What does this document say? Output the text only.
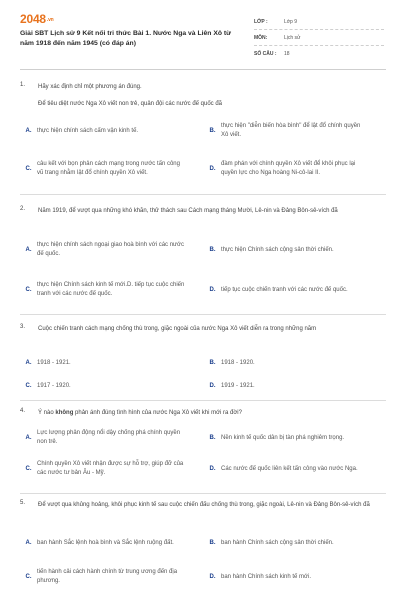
2048.vn
Giải SBT Lịch sử 9 Kết nối tri thức Bài 1. Nước Nga và Liên Xô từ năm 1918 đến năm 1945 (có đáp án)
LỚP :	Lớp 9
MÔN:	Lịch sử
SỐ CÂU :	18
1. Hãy xác định chỉ một phương án đúng.
Để tiêu diệt nước Nga Xô viết non trẻ, quân đội các nước đế quốc đã
A. thực hiện chính sách cấm vận kinh tế.	B.
thực hiện "diễn biến hòa bình" để lật đổ chính quyền Xô viết.
C.
câu kết với bọn phản cách mạng trong nước tấn công vũ trang nhằm lật đổ chính quyền Xô viết.
D.
đàm phán với chính quyền Xô viết để khôi phục lại quyền lực cho Nga hoàng Ni-cô-lai II.
2. Năm 1919, để vượt qua những khó khăn, thử thách sau Cách mạng tháng Mười, Lê-nin và Đảng Bôn-sê-vích đã
A.
thực hiện chính sách ngoại giao hoà bình với các nước đế quốc.
B. thực hiện Chính sách cộng sản thời chiến.
C.
thực hiện Chính sách kinh tế mới.D. tiếp tục cuộc chiến tranh với các nước đế quốc.
D. tiếp tục cuộc chiến tranh với các nước đế quốc.
3. Cuộc chiến tranh cách mạng chống thù trong, giặc ngoài của nước Nga Xô viết diễn ra trong những năm
A. 1918 - 1921.	B. 1918 - 1920.
C. 1917 - 1920.	D. 1919 - 1921.
4. Ý nào không phản ánh đúng tình hình của nước Nga Xô viết khi mới ra đời?
A.
Lực lượng phản động nổi dậy chống phá chính quyền non trẻ.
B. Nền kinh tế quốc dân bị tàn phá nghiêm trọng.
C.
Chính quyền Xô viết nhận được sự hỗ trợ, giúp đỡ của các nước tư bản Âu - Mỹ.
D. Các nước đế quốc liên kết tấn công vào nước Nga.
5. Để vượt qua khủng hoảng, khôi phục kinh tế sau cuộc chiến đấu chống thù trong, giặc ngoài, Lê-nin và Đảng Bôn-sê-vích đã
A. ban hành Sắc lệnh hoà bình và Sắc lệnh ruộng đất.	B. ban hành Chính sách cộng sản thời chiến.
C.
tiến hành cải cách hành chính từ trung ương đến địa phương.
D. ban hành Chính sách kinh tế mới.
